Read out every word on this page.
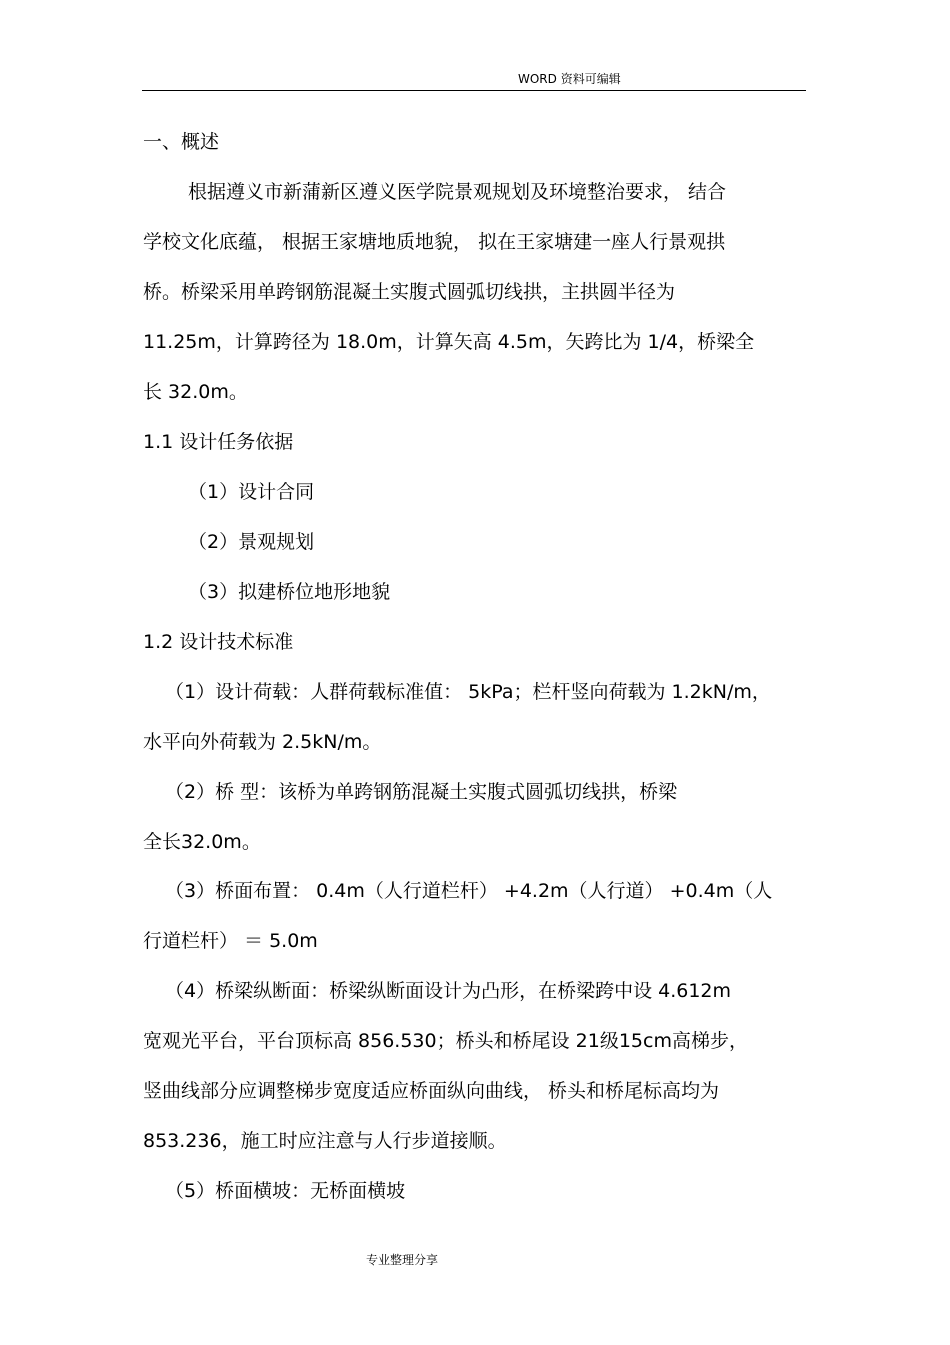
WORD 资料可编辑
一、概述
根据遵义市新蒲新区遵义医学院景观规划及环境整治要求， 结合
学校文化底蕴， 根据王家塘地质地貌， 拟在王家塘建一座人行景观拱
桥。桥梁采用单跨钢筋混凝土实腹式圆弧切线拱，主拱圆半径为
11.25m，计算跨径为 18.0m，计算矢高 4.5m，矢跨比为 1/4，桥梁全
长 32.0m。
1.1 设计任务依据
（1）设计合同
（2）景观规划
（3）拟建桥位地形地貌
1.2 设计技术标准
（1）设计荷载：人群荷载标准值： 5kPa；栏杆竖向荷载为 1.2kN/m，
水平向外荷载为 2.5kN/m。
（2）桥 型：该桥为单跨钢筋混凝土实腹式圆弧切线拱，桥梁
全长32.0m。
（3）桥面布置： 0.4m（人行道栏杆） +4.2m（人行道） +0.4m（人
行道栏杆） ＝ 5.0m
（4）桥梁纵断面：桥梁纵断面设计为凸形，在桥梁跨中设 4.612m
宽观光平台，平台顶标高 856.530；桥头和桥尾设 21级15cm高梯步，
竖曲线部分应调整梯步宽度适应桥面纵向曲线， 桥头和桥尾标高均为
853.236，施工时应注意与人行步道接顺。
（5）桥面横坡：无桥面横坡
专业整理分享
